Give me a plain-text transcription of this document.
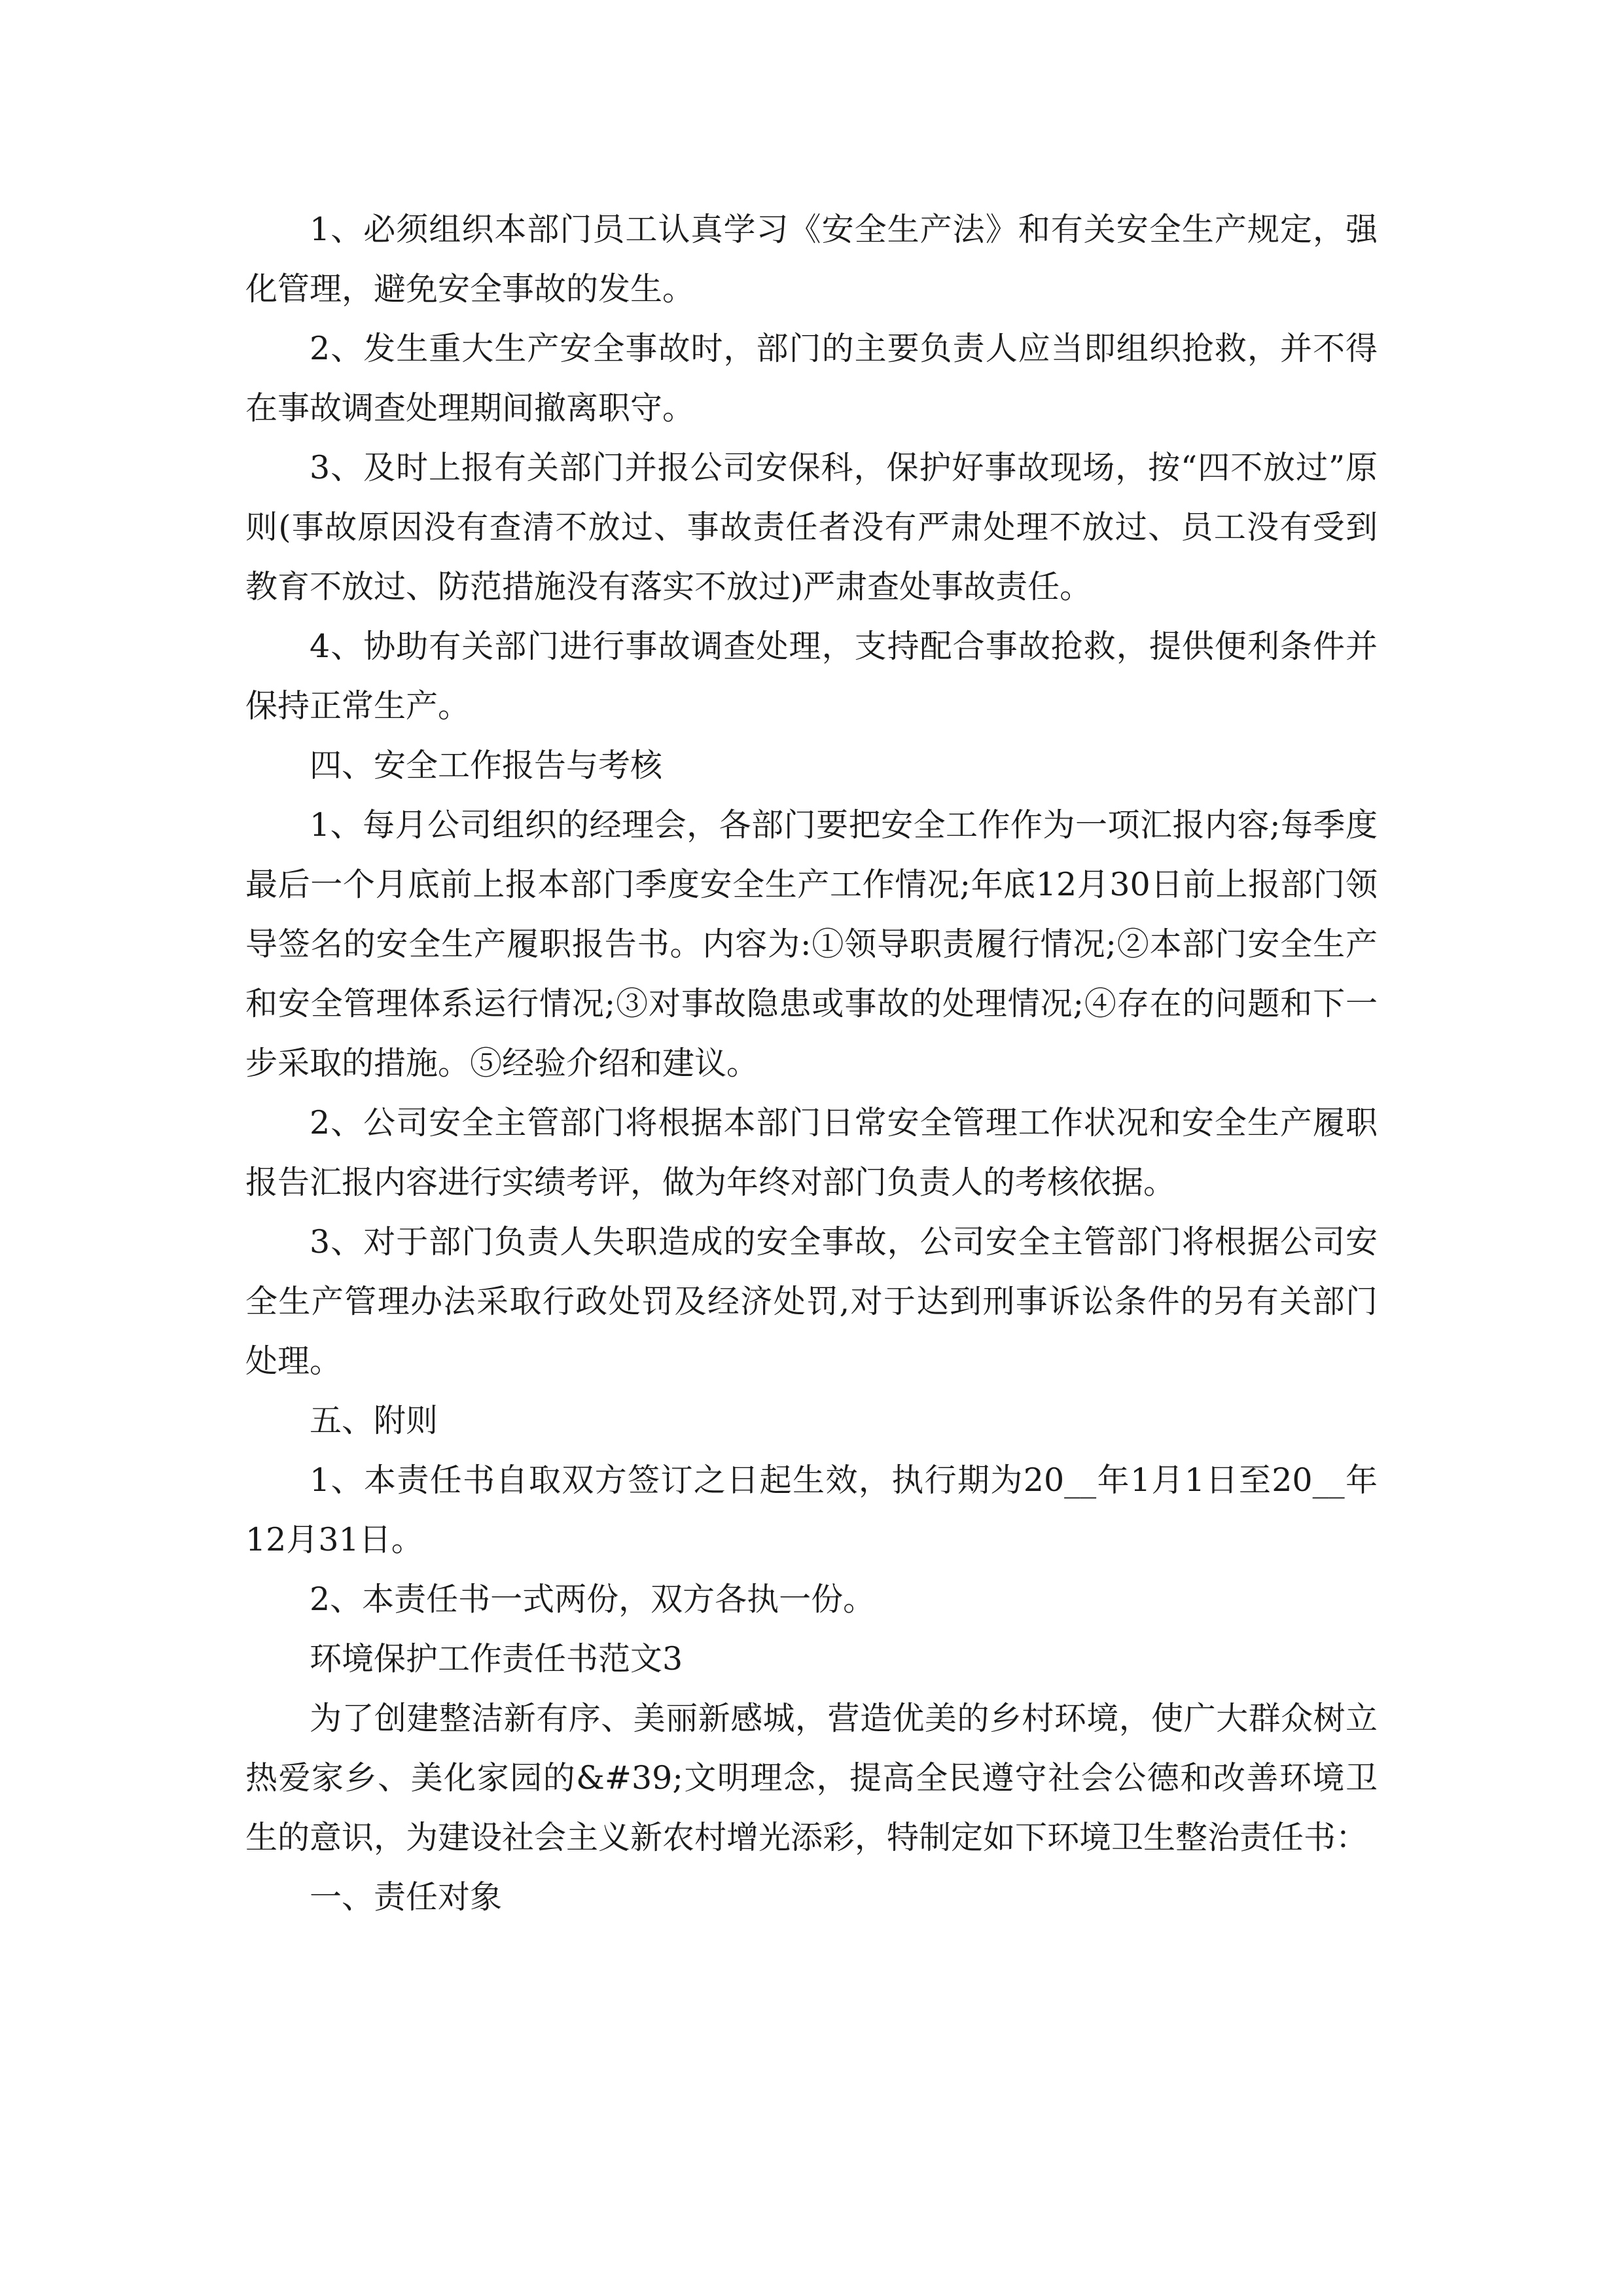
1、必须组织本部门员工认真学习《安全生产法》和有关安全生产规定，强化管理，避免安全事故的发生。

2、发生重大生产安全事故时，部门的主要负责人应当即组织抢救，并不得在事故调查处理期间撤离职守。

3、及时上报有关部门并报公司安保科，保护好事故现场，按“四不放过”原则(事故原因没有查清不放过、事故责任者没有严肃处理不放过、员工没有受到教育不放过、防范措施没有落实不放过)严肃查处事故责任。

4、协助有关部门进行事故调查处理，支持配合事故抢救，提供便利条件并保持正常生产。

四、安全工作报告与考核

1、每月公司组织的经理会，各部门要把安全工作作为一项汇报内容;每季度最后一个月底前上报本部门季度安全生产工作情况;年底12月30日前上报部门领导签名的安全生产履职报告书。内容为:①领导职责履行情况;②本部门安全生产和安全管理体系运行情况;③对事故隐患或事故的处理情况;④存在的问题和下一步采取的措施。⑤经验介绍和建议。

2、公司安全主管部门将根据本部门日常安全管理工作状况和安全生产履职报告汇报内容进行实绩考评，做为年终对部门负责人的考核依据。

3、对于部门负责人失职造成的安全事故，公司安全主管部门将根据公司安全生产管理办法采取行政处罚及经济处罚,对于达到刑事诉讼条件的另有关部门处理。

五、附则

1、本责任书自取双方签订之日起生效，执行期为20__年1月1日至20__年12月31日。

2、本责任书一式两份，双方各执一份。

环境保护工作责任书范文3

为了创建整洁新有序、美丽新感城，营造优美的乡村环境，使广大群众树立热爱家乡、美化家园的&#39;文明理念，提高全民遵守社会公德和改善环境卫生的意识，为建设社会主义新农村增光添彩，特制定如下环境卫生整治责任书：

一、责任对象
